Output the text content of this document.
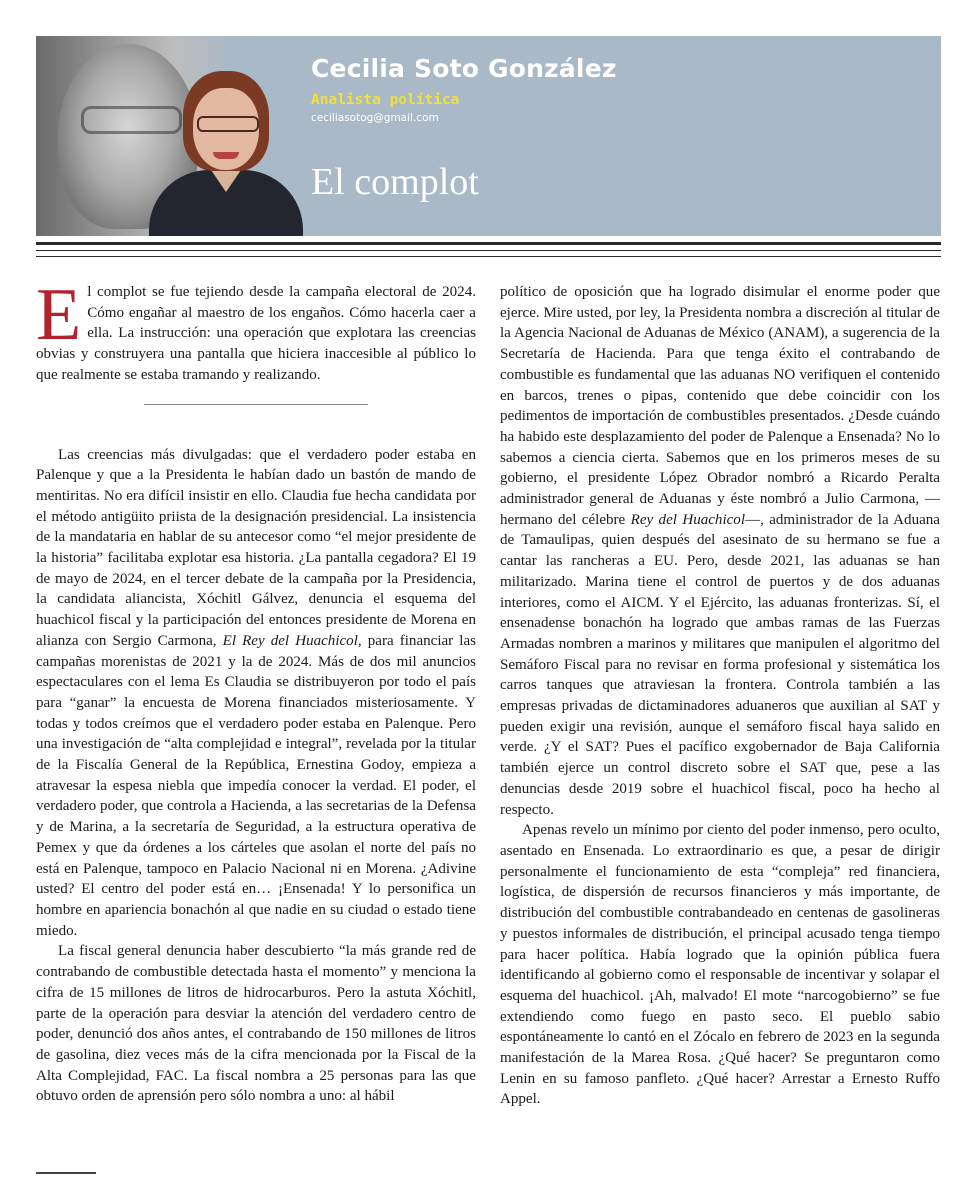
Cecilia Soto González
Analista política
ceciliasotog@gmail.com
El complot

El complot se fue tejiendo desde la campaña electoral de 2024. Cómo engañar al maestro de los engaños. Cómo hacerla caer a ella. La instrucción: una operación que explotara las creencias obvias y construyera una pantalla que hiciera inaccesible al público lo que realmente se estaba tramando y realizando.

Las creencias más divulgadas: que el verdadero poder estaba en Palenque y que a la Presidenta le habían dado un bastón de mando de mentiritas. No era difícil insistir en ello. Claudia fue hecha candidata por el método antigüito priista de la designación presidencial. La insistencia de la mandataria en hablar de su antecesor como “el mejor presidente de la historia” facilitaba explotar esa historia. ¿La pantalla cegadora? El 19 de mayo de 2024, en el tercer debate de la campaña por la Presidencia, la candidata aliancista, Xóchitl Gálvez, denuncia el esquema del huachicol fiscal y la participación del entonces presidente de Morena en alianza con Sergio Carmona, El Rey del Huachicol, para financiar las campañas morenistas de 2021 y la de 2024. Más de dos mil anuncios espectaculares con el lema Es Claudia se distribuyeron por todo el país para “ganar” la encuesta de Morena financiados misteriosamente. Y todas y todos creímos que el verdadero poder estaba en Palenque. Pero una investigación de “alta complejidad e integral”, revelada por la titular de la Fiscalía General de la República, Ernestina Godoy, empieza a atravesar la espesa niebla que impedía conocer la verdad. El poder, el verdadero poder, que controla a Hacienda, a las secretarias de la Defensa y de Marina, a la secretaría de Seguridad, a la estructura operativa de Pemex y que da órdenes a los cárteles que asolan el norte del país no está en Palenque, tampoco en Palacio Nacional ni en Morena. ¿Adivine usted? El centro del poder está en… ¡Ensenada! Y lo personifica un hombre en apariencia bonachón al que nadie en su ciudad o estado tiene miedo.

La fiscal general denuncia haber descubierto “la más grande red de contrabando de combustible detectada hasta el momento” y menciona la cifra de 15 millones de litros de hidrocarburos. Pero la astuta Xóchitl, parte de la operación para desviar la atención del verdadero centro de poder, denunció dos años antes, el contrabando de 150 millones de litros de gasolina, diez veces más de la cifra mencionada por la Fiscal de la Alta Complejidad, FAC. La fiscal nombra a 25 personas para las que obtuvo orden de aprensión pero sólo nombra a uno: al hábil

político de oposición que ha logrado disimular el enorme poder que ejerce. Mire usted, por ley, la Presidenta nombra a discreción al titular de la Agencia Nacional de Aduanas de México (ANAM), a sugerencia de la Secretaría de Hacienda. Para que tenga éxito el contrabando de combustible es fundamental que las aduanas NO verifiquen el contenido en barcos, trenes o pipas, contenido que debe coincidir con los pedimentos de importación de combustibles presentados. ¿Desde cuándo ha habido este desplazamiento del poder de Palenque a Ensenada? No lo sabemos a ciencia cierta. Sabemos que en los primeros meses de su gobierno, el presidente López Obrador nombró a Ricardo Peralta administrador general de Aduanas y éste nombró a Julio Carmona, —hermano del célebre Rey del Huachicol—, administrador de la Aduana de Tamaulipas, quien después del asesinato de su hermano se fue a cantar las rancheras a EU. Pero, desde 2021, las aduanas se han militarizado. Marina tiene el control de puertos y de dos aduanas interiores, como el AICM. Y el Ejército, las aduanas fronterizas. Sí, el ensenadense bonachón ha logrado que ambas ramas de las Fuerzas Armadas nombren a marinos y militares que manipulen el algoritmo del Semáforo Fiscal para no revisar en forma profesional y sistemática los carros tanques que atraviesan la frontera. Controla también a las empresas privadas de dictaminadores aduaneros que auxilian al SAT y pueden exigir una revisión, aunque el semáforo fiscal haya salido en verde. ¿Y el SAT? Pues el pacífico exgobernador de Baja California también ejerce un control discreto sobre el SAT que, pese a las denuncias desde 2019 sobre el huachicol fiscal, poco ha hecho al respecto.

Apenas revelo un mínimo por ciento del poder inmenso, pero oculto, asentado en Ensenada. Lo extraordinario es que, a pesar de dirigir personalmente el funcionamiento de esta “compleja” red financiera, logística, de dispersión de recursos financieros y más importante, de distribución del combustible contrabandeado en centenas de gasolineras y puestos informales de distribución, el principal acusado tenga tiempo para hacer política. Había logrado que la opinión pública fuera identificando al gobierno como el responsable de incentivar y solapar el esquema del huachicol. ¡Ah, malvado! El mote “narcogobierno” se fue extendiendo como fuego en pasto seco. El pueblo sabio espontáneamente lo cantó en el Zócalo en febrero de 2023 en la segunda manifestación de la Marea Rosa. ¿Qué hacer? Se preguntaron como Lenin en su famoso panfleto. ¿Qué hacer? Arrestar a Ernesto Ruffo Appel.
